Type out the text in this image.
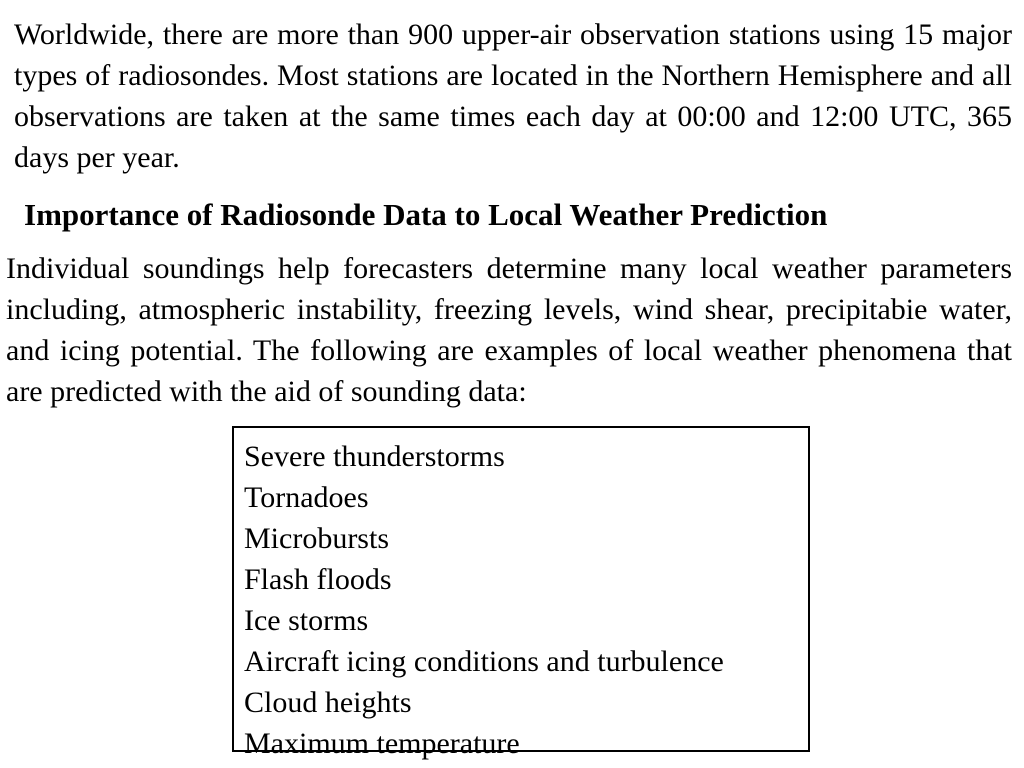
Worldwide, there are more than 900 upper-air observation stations using 15 major types of radiosondes. Most stations are located in the Northern Hemisphere and all observations are taken at the same times each day at 00:00 and 12:00 UTC, 365 days per year.

Importance of Radiosonde Data to Local Weather Prediction

Individual soundings help forecasters determine many local weather parameters including, atmospheric instability, freezing levels, wind shear, precipitabie water, and icing potential. The following are examples of local weather phenomena that are predicted with the aid of sounding data:

Severe thunderstorms
Tornadoes
Microbursts
Flash floods
Ice storms
Aircraft icing conditions and turbulence
Cloud heights
Maximum temperature
